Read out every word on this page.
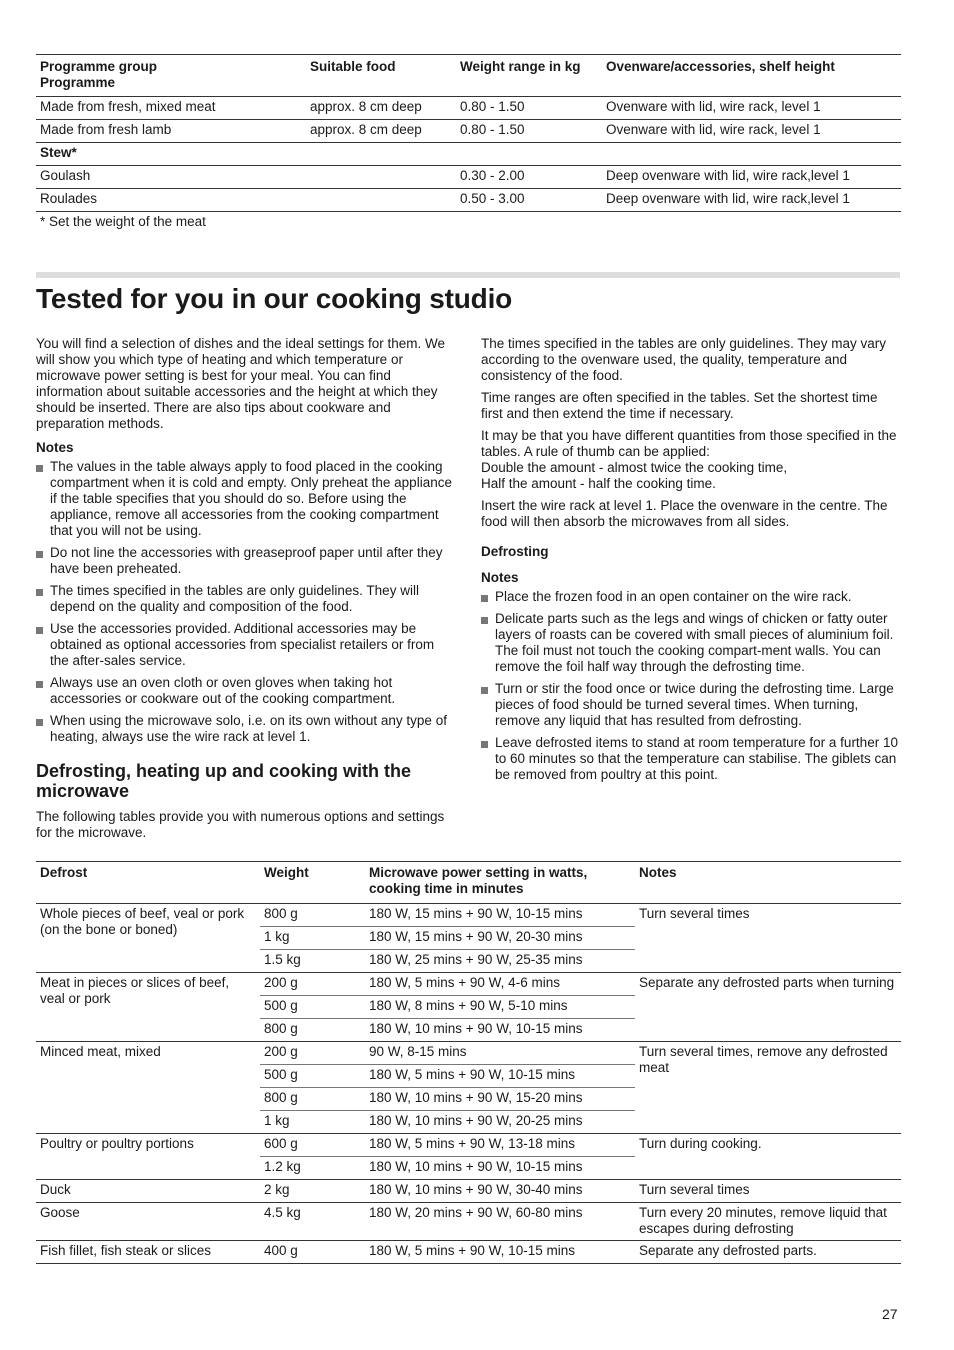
Programme group
Programme	Suitable food	Weight range in kg	Ovenware/accessories, shelf height
Made from fresh, mixed meat	approx. 8 cm deep	0.80 - 1.50	Ovenware with lid, wire rack, level 1
Made from fresh lamb	approx. 8 cm deep	0.80 - 1.50	Ovenware with lid, wire rack, level 1
Stew*			
Goulash		0.30 - 2.00	Deep ovenware with lid, wire rack,level 1
Roulades		0.50 - 3.00	Deep ovenware with lid, wire rack,level 1
* Set the weight of the meat
Tested for you in our cooking studio

You will find a selection of dishes and the ideal settings for them. We will show you which type of heating and which temperature or microwave power setting is best for your meal. You can find information about suitable accessories and the height at which they should be inserted. There are also tips about cookware and preparation methods.

Notes
The values in the table always apply to food placed in the cooking compartment when it is cold and empty. Only preheat the appliance if the table specifies that you should do so. Before using the appliance, remove all accessories from the cooking compartment that you will not be using.
Do not line the accessories with greaseproof paper until after they have been preheated.
The times specified in the tables are only guidelines. They will depend on the quality and composition of the food.
Use the accessories provided. Additional accessories may be obtained as optional accessories from specialist retailers or from the after-sales service.
Always use an oven cloth or oven gloves when taking hot accessories or cookware out of the cooking compartment.
When using the microwave solo, i.e. on its own without any type of heating, always use the wire rack at level 1.
Defrosting, heating up and cooking with the microwave

The following tables provide you with numerous options and settings for the microwave.

The times specified in the tables are only guidelines. They may vary according to the ovenware used, the quality, temperature and consistency of the food.

Time ranges are often specified in the tables. Set the shortest time first and then extend the time if necessary.

It may be that you have different quantities from those specified in the tables. A rule of thumb can be applied:
Double the amount - almost twice the cooking time,
Half the amount - half the cooking time.

Insert the wire rack at level 1. Place the ovenware in the centre. The food will then absorb the microwaves from all sides.

Defrosting
Notes
Place the frozen food in an open container on the wire rack.
Delicate parts such as the legs and wings of chicken or fatty outer layers of roasts can be covered with small pieces of aluminium foil. The foil must not touch the cooking compart-ment walls. You can remove the foil half way through the defrosting time.
Turn or stir the food once or twice during the defrosting time. Large pieces of food should be turned several times. When turning, remove any liquid that has resulted from defrosting.
Leave defrosted items to stand at room temperature for a further 10 to 60 minutes so that the temperature can stabilise. The giblets can be removed from poultry at this point.
Defrost	Weight	Microwave power setting in watts, cooking time in minutes	Notes
Whole pieces of beef, veal or pork (on the bone or boned)	800 g	180 W, 15 mins + 90 W, 10-15 mins	Turn several times
	1 kg	180 W, 15 mins + 90 W, 20-30 mins	
	1.5 kg	180 W, 25 mins + 90 W, 25-35 mins	
Meat in pieces or slices of beef, veal or pork	200 g	180 W, 5 mins + 90 W, 4-6 mins	Separate any defrosted parts when turning
	500 g	180 W, 8 mins + 90 W, 5-10 mins	
	800 g	180 W, 10 mins + 90 W, 10-15 mins	
Minced meat, mixed	200 g	90 W, 8-15 mins	Turn several times, remove any defrosted meat
	500 g	180 W, 5 mins + 90 W, 10-15 mins	
	800 g	180 W, 10 mins + 90 W, 15-20 mins	
	1 kg	180 W, 10 mins + 90 W, 20-25 mins	
Poultry or poultry portions	600 g	180 W, 5 mins + 90 W, 13-18 mins	Turn during cooking.
	1.2 kg	180 W, 10 mins + 90 W, 10-15 mins	
Duck	2 kg	180 W, 10 mins + 90 W, 30-40 mins	Turn several times
Goose	4.5 kg	180 W, 20 mins + 90 W, 60-80 mins	Turn every 20 minutes, remove liquid that escapes during defrosting
Fish fillet, fish steak or slices	400 g	180 W, 5 mins + 90 W, 10-15 mins	Separate any defrosted parts.
27
